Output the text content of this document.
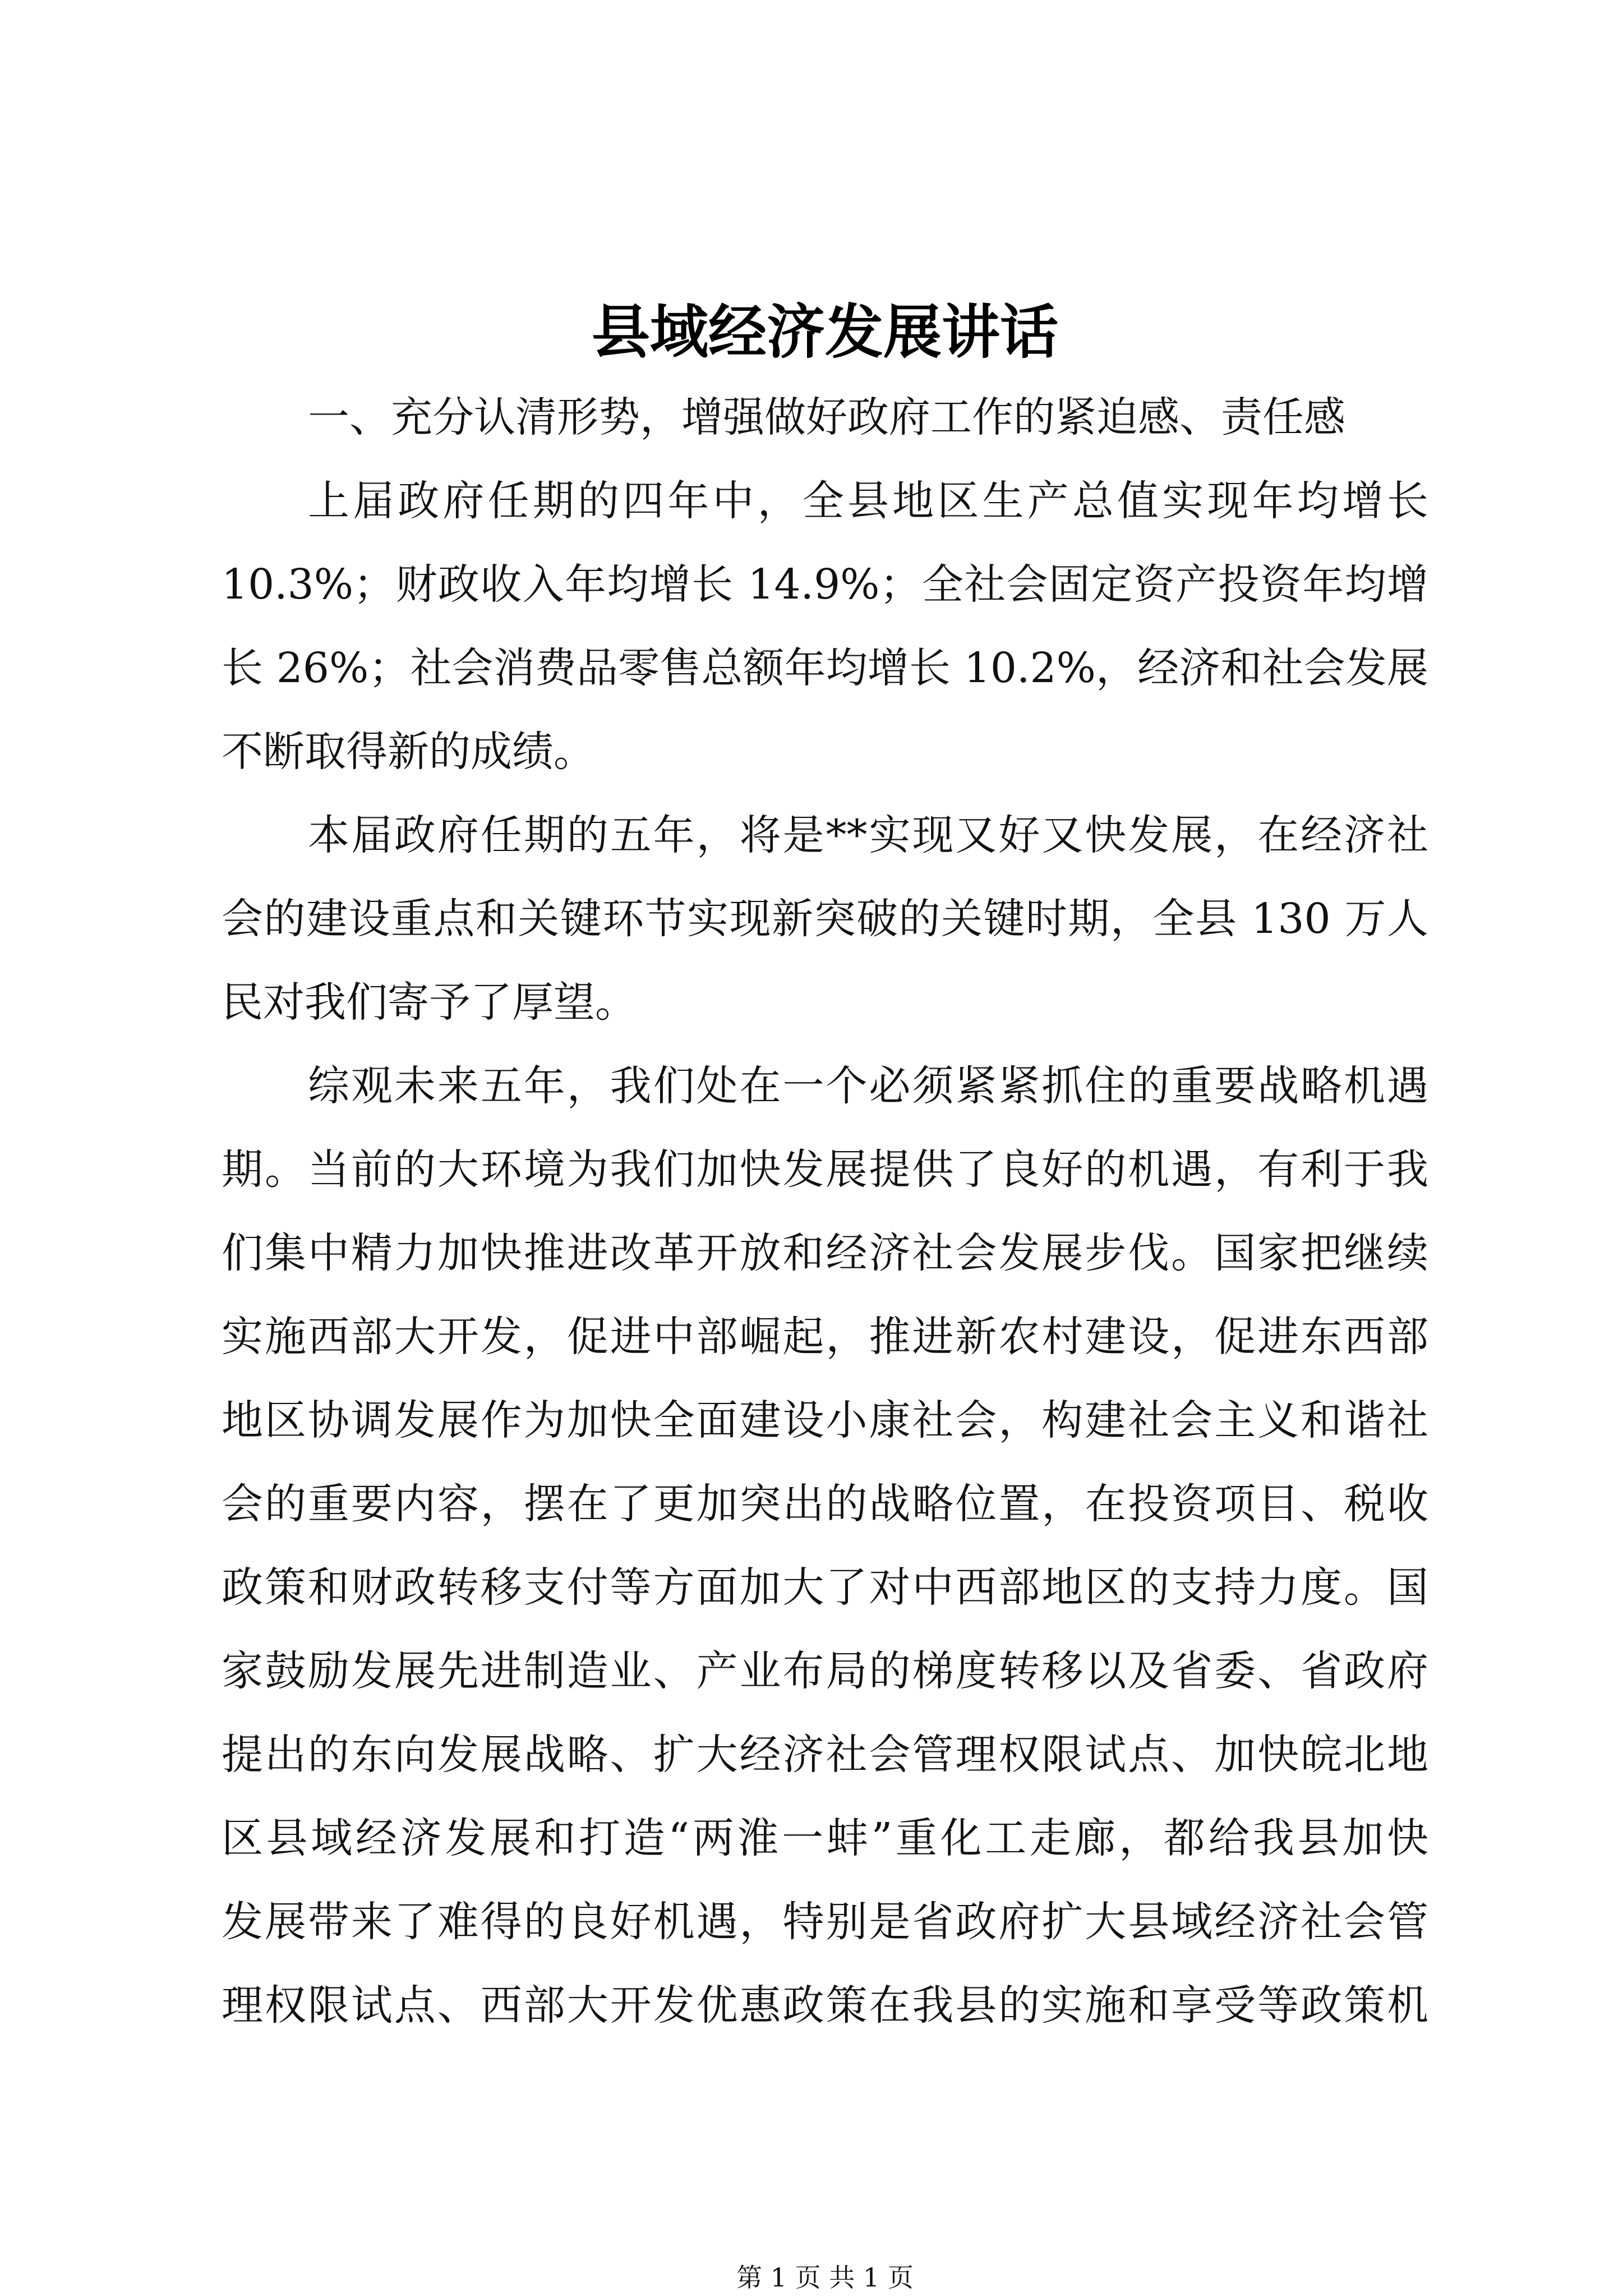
县域经济发展讲话
一、充分认清形势，增强做好政府工作的紧迫感、责任感
上届政府任期的四年中，全县地区生产总值实现年均增长
10.3%；财政收入年均增长 14.9%；全社会固定资产投资年均增
长 26%；社会消费品零售总额年均增长 10.2%，经济和社会发展
不断取得新的成绩。
本届政府任期的五年，将是**实现又好又快发展，在经济社
会的建设重点和关键环节实现新突破的关键时期，全县 130 万人
民对我们寄予了厚望。
综观未来五年，我们处在一个必须紧紧抓住的重要战略机遇
期。当前的大环境为我们加快发展提供了良好的机遇，有利于我
们集中精力加快推进改革开放和经济社会发展步伐。国家把继续
实施西部大开发，促进中部崛起，推进新农村建设，促进东西部
地区协调发展作为加快全面建设小康社会，构建社会主义和谐社
会的重要内容，摆在了更加突出的战略位置，在投资项目、税收
政策和财政转移支付等方面加大了对中西部地区的支持力度。国
家鼓励发展先进制造业、产业布局的梯度转移以及省委、省政府
提出的东向发展战略、扩大经济社会管理权限试点、加快皖北地
区县域经济发展和打造“两淮一蚌”重化工走廊，都给我县加快
发展带来了难得的良好机遇，特别是省政府扩大县域经济社会管
理权限试点、西部大开发优惠政策在我县的实施和享受等政策机
第 1 页 共 1 页
